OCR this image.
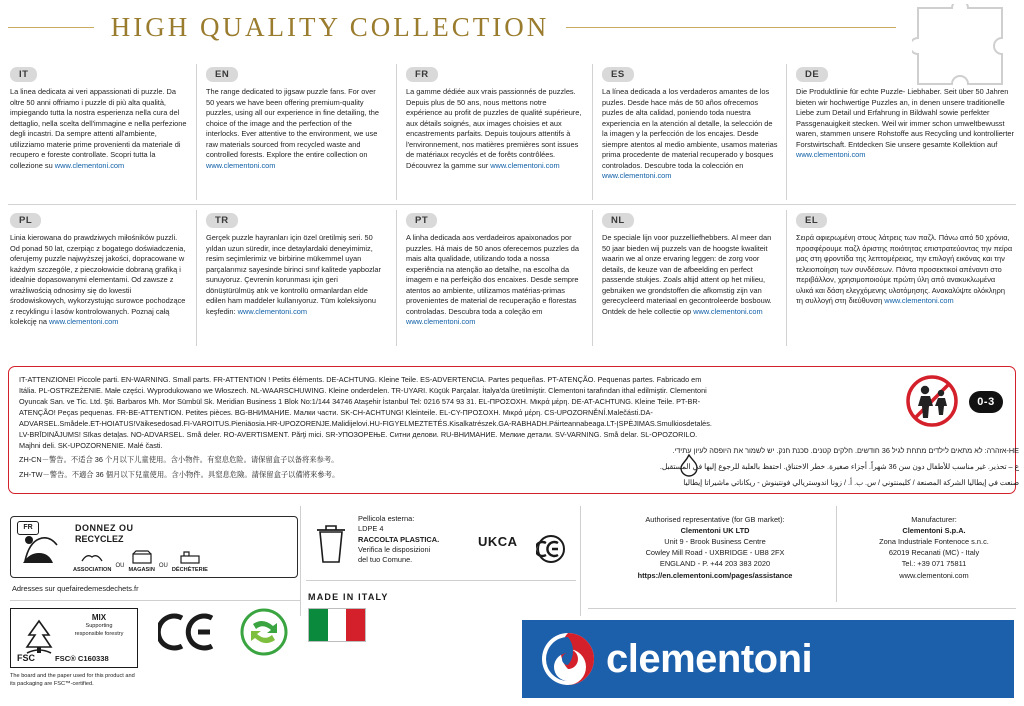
HIGH QUALITY COLLECTION
IT
La linea dedicata ai veri appassionati di puzzle. Da oltre 50 anni offriamo i puzzle di più alta qualità, impiegando tutta la nostra esperienza nella cura del dettaglio, nella scelta dell'immagine e nella perfezione degli incastri. Da sempre attenti all'ambiente, utilizziamo materie prime provenienti da materiale di recupero e foreste controllate. Scopri tutta la collezione su www.clementoni.com
EN
The range dedicated to jigsaw puzzle fans. For over 50 years we have been offering premium-quality puzzles, using all our experience in fine detailing, the choice of the image and the perfection of the interlocks. Ever attentive to the environment, we use raw materials sourced from recycled waste and controlled forests. Explore the entire collection on www.clementoni.com
FR
La gamme dédiée aux vrais passionnés de puzzles. Depuis plus de 50 ans, nous mettons notre expérience au profit de puzzles de qualité supérieure, aux détails soignés, aux images choisies et aux encastrements parfaits. Depuis toujours attentifs à l'environnement, nos matières premières sont issues de matériaux recyclés et de forêts contrôlées. Découvrez la gamme sur www.clementoni.com
ES
La línea dedicada a los verdaderos amantes de los puzles. Desde hace más de 50 años ofrecemos puzles de alta calidad, poniendo toda nuestra experiencia en la atención al detalle, la selección de la imagen y la perfección de los encajes. Desde siempre atentos al medio ambiente, usamos materias prima procedente de material recuperado y bosques controlados. Descubre toda la colección en www.clementoni.com
DE
Die Produktlinie für echte Puzzle- Liebhaber. Seit über 50 Jahren bieten wir hochwertige Puzzles an, in denen unsere traditionelle Liebe zum Detail und Erfahrung in Bildwahl sowie perfekter Passgenauigkeit stecken. Weil wir immer schon umweltbewusst waren, stammen unsere Rohstoffe aus Recycling und kontrollierter Forstwirtschaft. Entdecken Sie unsere gesamte Kollektion auf www.clementoni.com
PL
Linia kierowana do prawdziwych miłośników puzzli. Od ponad 50 lat, czerpiąc z bogatego doświadczenia, oferujemy puzzle najwyższej jakości, dopracowane w każdym szczególe, z pieczołowicie dobraną grafiką i idealnie dopasowanymi elementami. Od zawsze z wrażliwością odnosimy się do kwestii środowiskowych, wykorzystując surowce pochodzące z recyklingu i lasów kontrolowanych. Poznaj całą kolekcję na www.clementoni.com
TR
Gerçek puzzle hayranları için özel üretilmiş seri. 50 yıldan uzun süredir, ince detaylardaki deneyimimiz, resim seçimlerimiz ve birbirine mükemmel uyan parçalarımız sayesinde birinci sınıf kalitede yapbozlar sunuyoruz. Çevrenin korunması için geri dönüştürülmüş atık ve kontrollü ormanlardan elde edilen ham maddeler kullanıyoruz. Tüm koleksiyonu keşfedin: www.clementoni.com
PT
A linha dedicada aos verdadeiros apaixonados por puzzles. Há mais de 50 anos oferecemos puzzles da mais alta qualidade, utilizando toda a nossa experiência na atenção ao detalhe, na escolha da imagem e na perfeição dos encaixes. Desde sempre atentos ao ambiente, utilizamos matérias-primas provenientes de material de recuperação e florestas controladas. Descubra toda a coleção em www.clementoni.com
NL
De speciale lijn voor puzzelliefhebbers. Al meer dan 50 jaar bieden wij puzzels van de hoogste kwaliteit waarin we al onze ervaring leggen: de zorg voor details, de keuze van de afbeelding en perfect passende stukjes. Zoals altijd attent op het milieu, gebruiken we grondstoffen die afkomstig zijn van gerecycleerd materiaal en gecontroleerde bosbouw. Ontdek de hele collectie op www.clementoni.com
EL
Σειρά αφιερωμένη στους λάτρεις των παζλ. Πάνω από 50 χρόνια, προσφέρουμε παζλ άριστης ποιότητας επιστρατεύοντας την πείρα μας στη φροντίδα της λεπτομέρειας, την επιλογή εικόνας και την τελειοποίηση των συνδέσεων. Πάντα προσεκτικοί απέναντι στο περιβάλλον, χρησιμοποιούμε πρώτη ύλη από ανακυκλωμένα υλικά και δάση ελεγχόμενης υλοτόμησης. Ανακαλύψτε ολόκληρη τη συλλογή στη διεύθυνση www.clementoni.com
IT-ATTENZIONE! Piccole parti. EN-WARNING. Small parts. FR-ATTENTION ! Petits éléments. DE-ACHTUNG. Kleine Teile. ES-ADVERTENCIA. Partes pequeñas. PT-ATENÇÃO. Pequenas partes. Fabricado em Itália. PL-OSTRZEŻENIE. Małe części. Wyprodukowano we Włoszech. NL-WAARSCHUWING. Kleine onderdelen. TR-UYARI. Küçük Parçalar. İtalya'da üretilmiştir. Clementoni tarafından ithal edilmiştir. Clementoni Oyuncak San. ve Tic. Ltd. Şti. Barbaros Mh. Mor Sümbül Sk. Meridian Business 1 Blok No:1/144 34746 Ataşehir İstanbul Tel: 0216 574 93 31. EL-ΠΡΟΣΟΧΗ. Μικρά μέρη. DE-AT-ACHTUNG. Kleine Teile. PT-BR-ATENÇÃO! Peças pequenas. FR-BE-ATTENTION. Petites pièces. BG-ВНИМАНИЕ. Малки части. SK-CH-ACHTUNG! Kleinteile. EL-CY-ΠΡΟΣΟΧΗ. Μικρά μέρη. CS-UPOZORNĚNÍ.Malečásti.DA-ADVARSEL.Smådele.ET-HOIATUS!Väikesedosad.FI-VAROITUS.Pieniäosia.HR-UPOZORENJE.Malidijelovi.HU-FIGYELMEZTETÉS.Kisalkatrészek.GA-RABHADH.Páirteannabeaga.LT-ĮSPĖJIMAS.Smulkiosdetalės. LV-BRĪDINĀJUMS! Sīkas detaļas. NO-ADVARSEL. Små deler. RO-AVERTISMENT. Părţi mici. SR-УПОЗОРЕЊЕ. Ситни делови. RU-ВНИМАНИЕ. Мелкие детали. SV-VARNING. Små delar. SL-OPOZORILO. Majhni deli. SK-UPOZORNENIE. Malé časti.
ZH-CN－警告。不适合 36 个月以下儿童使用。含小物件。有窒息危险。请保留盒子以备将来参考。
ZH-TW－警告。不適合 36 個月以下兒童使用。含小物件。具窒息危險。請保留盒子以備將來參考。
HE-אזהרה: לא מתאים לילדים מתחת לגיל 36 חודשים. חלקים קטנים. סכנת חנק. יש לשמור את היופסה לעיון עתידי.
ع – تحذير. غير مناسب للأطفال دون سن 36 شهراً. أجزاء صغيرة. خطر الاختناق. احتفظ بالعلبة للرجوع إليها في المستقبل.
صنعت في إيطاليا الشركة المصنعة / كليمنتوني / س. ب. أ. / زونا اندوستريالي فونتينوش - ريكاناتي ماشيراتا إيطاليا
0-3
FR	DONNEZ OU
RECYCLEZ
ASSOCIATION
OU
MAGASIN
OU
DÉCHÈTERIE
Adresses sur quefairedemesdechets.fr
MIX
Supporting
responsible forestry
FSC	FSC® C160338
The board and the paper used for this product and its packaging are FSC™-certified.
Pellicola esterna:
LDPE 4
RACCOLTA PLASTICA.
Verifica le disposizioni
del tuo Comune.
UKCA
MADE IN ITALY
Authorised representative (for GB market):
Clementoni UK LTD
Unit 9 - Brook Business Centre
Cowley Mill Road - UXBRIDGE - UB8 2FX
ENGLAND - P. +44 203 383 2020
https://en.clementoni.com/pages/assistance
Manufacturer:
Clementoni S.p.A.
Zona Industriale Fontenoce s.n.c.
62019 Recanati (MC) - Italy
Tel.: +39 071 75811
www.clementoni.com
clementoni
